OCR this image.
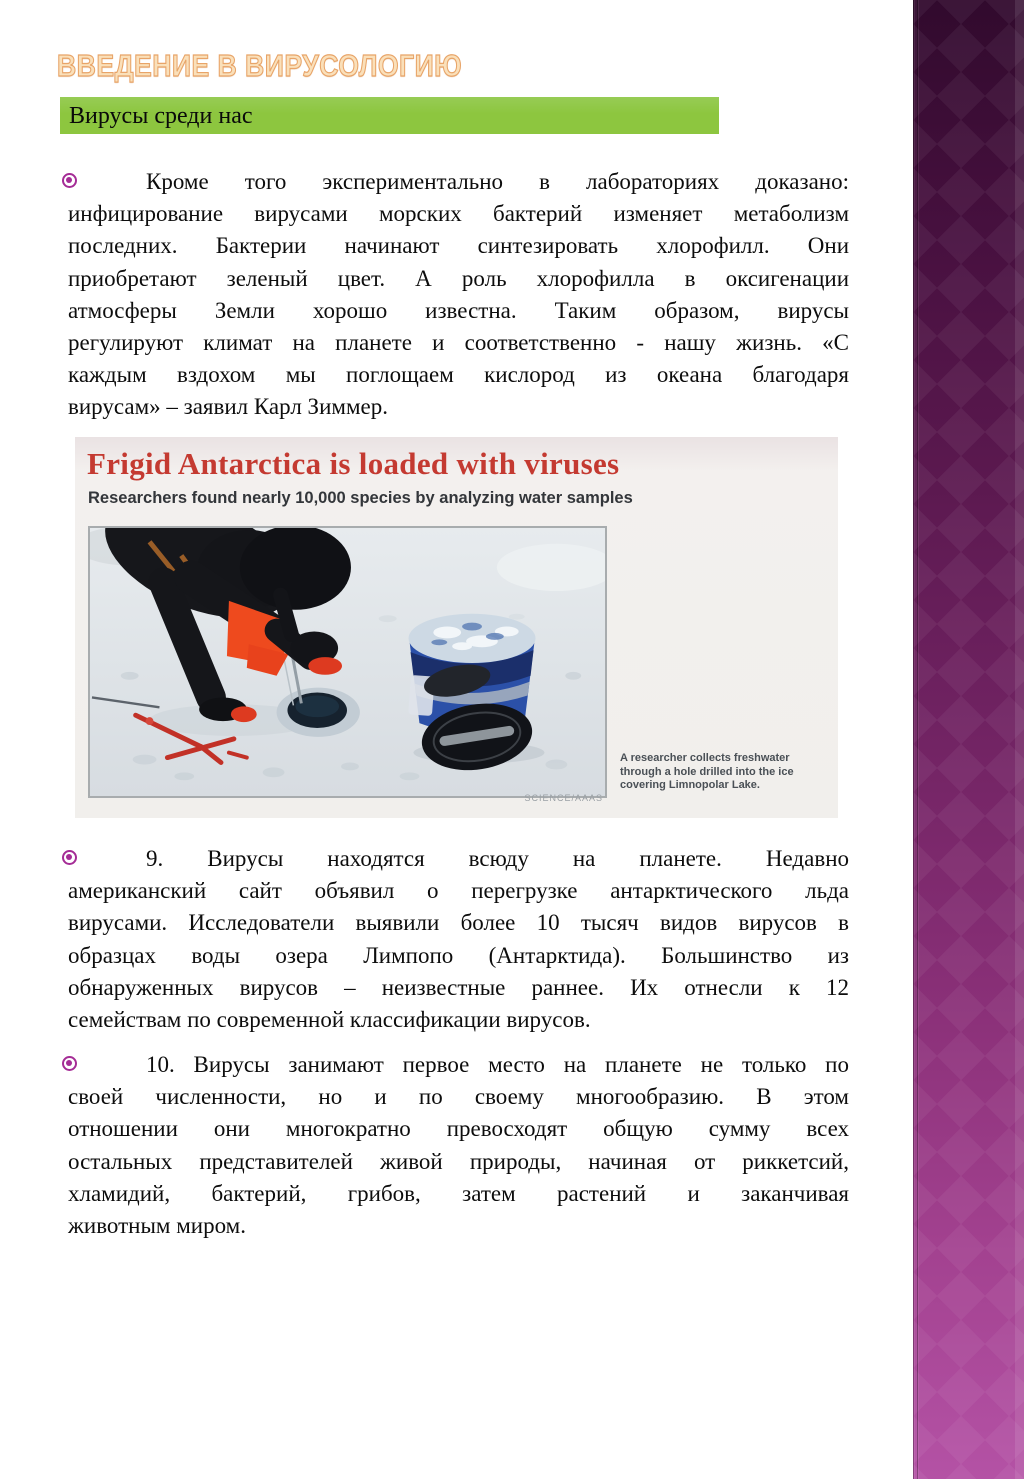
ВВЕДЕНИЕ В ВИРУСОЛОГИЮ
Вирусы среди нас
Кроме того экспериментально в лабораториях доказано:
инфицирование вирусами морских бактерий изменяет метаболизм
последних. Бактерии начинают синтезировать хлорофилл. Они
приобретают зеленый цвет. А роль хлорофилла в оксигенации
атмосферы Земли хорошо известна. Таким образом, вирусы
регулируют климат на планете и соответственно - нашу жизнь. «С
каждым вздохом мы поглощаем кислород из океана благодаря
вирусам» – заявил Карл Зиммер.
Frigid Antarctica is loaded with viruses
Researchers found nearly 10,000 species by analyzing water samples

A researcher collects freshwater through a hole drilled into the ice covering Limnopolar Lake.

SCIENCE/AAAS

9. Вирусы находятся всюду на планете. Недавно
американский сайт объявил о перегрузке антарктического льда
вирусами. Исследователи выявили более 10 тысяч видов вирусов в
образцах воды озера Лимпопо (Антарктида). Большинство из
обнаруженных вирусов – неизвестные раннее. Их отнесли к 12
семействам по современной классификации вирусов.
10. Вирусы занимают первое место на планете не только по
своей численности, но и по своему многообразию. В этом
отношении они многократно превосходят общую сумму всех
остальных представителей живой природы, начиная от риккетсий,
хламидий, бактерий, грибов, затем растений и заканчивая
животным миром.
